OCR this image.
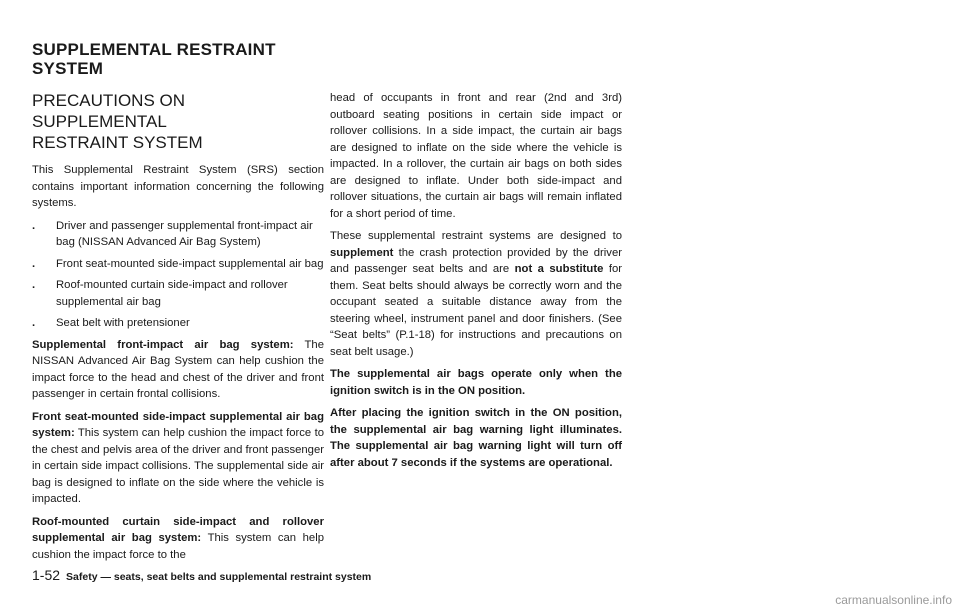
SUPPLEMENTAL RESTRAINT
SYSTEM
PRECAUTIONS ON SUPPLEMENTAL
RESTRAINT SYSTEM

This Supplemental Restraint System (SRS) section contains important information concerning the following systems.

. Driver and passenger supplemental front-impact air bag (NISSAN Advanced Air Bag System)
. Front seat-mounted side-impact supplemental air bag
. Roof-mounted curtain side-impact and rollover supplemental air bag
. Seat belt with pretensioner

Supplemental front-impact air bag system: The NISSAN Advanced Air Bag System can help cushion the impact force to the head and chest of the driver and front passenger in certain frontal collisions.

Front seat-mounted side-impact supplemental air bag system: This system can help cushion the impact force to the chest and pelvis area of the driver and front passenger in certain side impact collisions. The supplemental side air bag is designed to inflate on the side where the vehicle is impacted.

Roof-mounted curtain side-impact and rollover supplemental air bag system: This system can help cushion the impact force to the

head of occupants in front and rear (2nd and 3rd) outboard seating positions in certain side impact or rollover collisions. In a side impact, the curtain air bags are designed to inflate on the side where the vehicle is impacted. In a rollover, the curtain air bags on both sides are designed to inflate. Under both side-impact and rollover situations, the curtain air bags will remain inflated for a short period of time.

These supplemental restraint systems are designed to supplement the crash protection provided by the driver and passenger seat belts and are not a substitute for them. Seat belts should always be correctly worn and the occupant seated a suitable distance away from the steering wheel, instrument panel and door finishers. (See “Seat belts” (P.1-18) for instructions and precautions on seat belt usage.)

The supplemental air bags operate only when the ignition switch is in the ON position.

After placing the ignition switch in the ON position, the supplemental air bag warning light illuminates. The supplemental air bag warning light will turn off after about 7 seconds if the systems are operational.

1-52 Safety — seats, seat belts and supplemental restraint system
carmanualsonline.info
